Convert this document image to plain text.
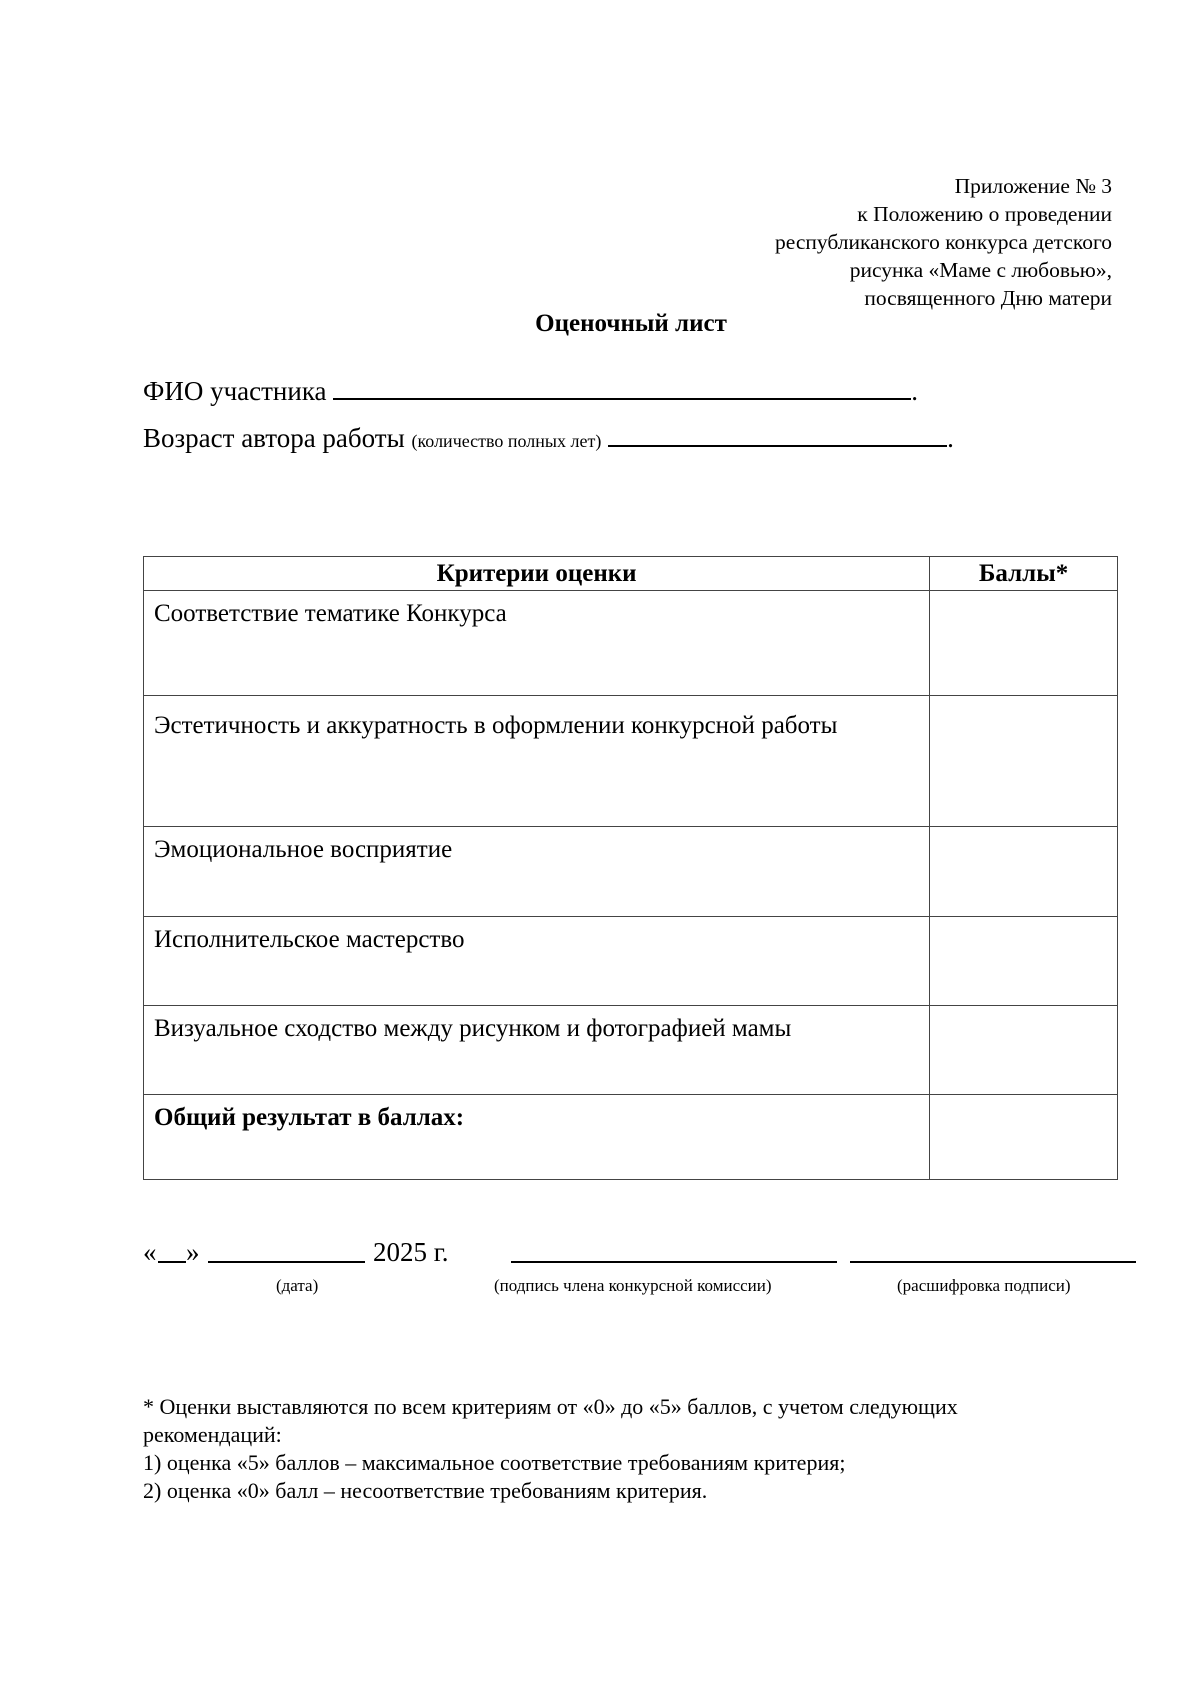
Приложение № 3
к Положению о проведении
республиканского конкурса детского
рисунка «Маме с любовью»,
посвященного Дню матери
Оценочный лист
ФИО участника	.
Возраст автора работы (количество полных лет)	.
Критерии оценки	Баллы*
Соответствие тематике Конкурса	
Эстетичность и аккуратность в оформлении конкурсной работы	
Эмоциональное восприятие	
Исполнительское мастерство	
Визуальное сходство между рисунком и фотографией мамы	
Общий результат в баллах:	
« »	2025 г.
(дата)	(подпись члена конкурсной комиссии)	(расшифровка подписи)
* Оценки выставляются по всем критериям от «0» до «5» баллов, с учетом следующих
рекомендаций:
1) оценка «5» баллов – максимальное соответствие требованиям критерия;
2) оценка «0» балл – несоответствие требованиям критерия.
